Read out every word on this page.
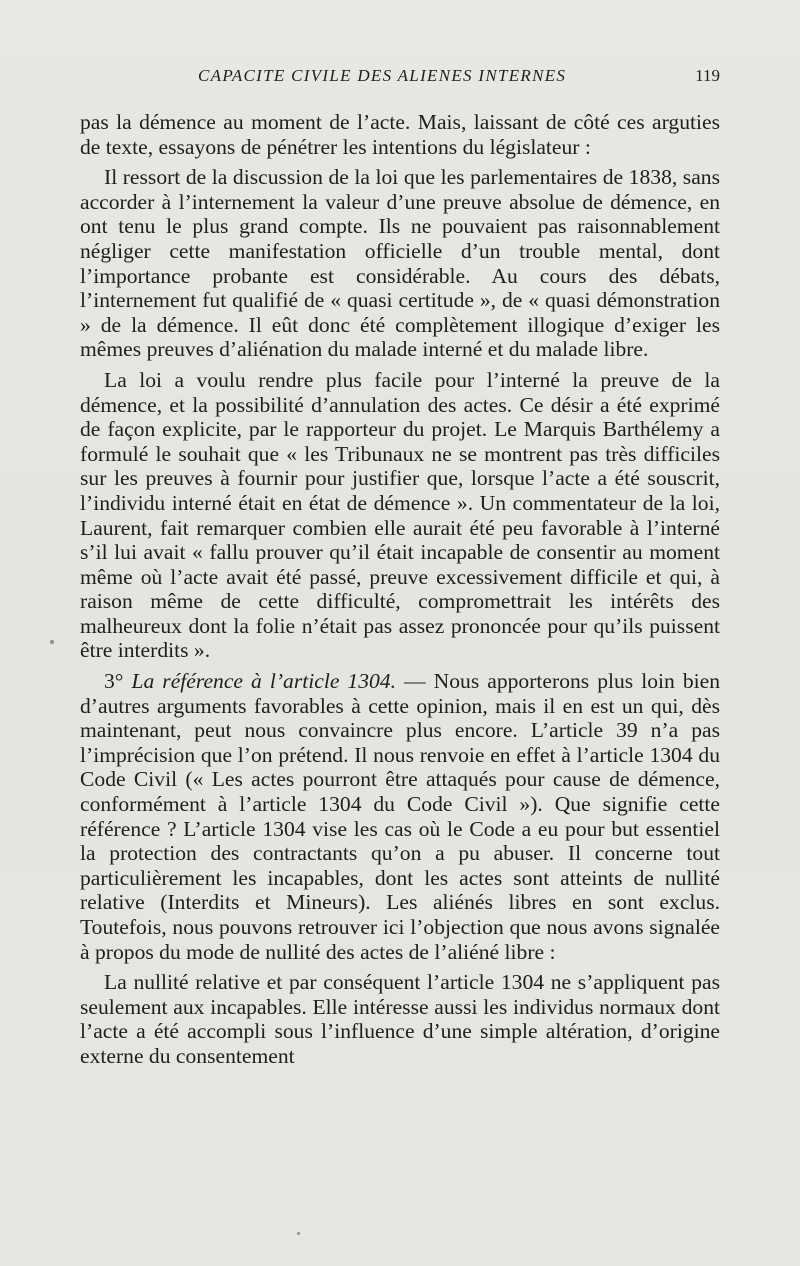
CAPACITE CIVILE DES ALIENES INTERNES	119

pas la démence au moment de l’acte. Mais, laissant de côté ces arguties de texte, essayons de pénétrer les intentions du législateur :

Il ressort de la discussion de la loi que les parlementaires de 1838, sans accorder à l’internement la valeur d’une preuve absolue de démence, en ont tenu le plus grand compte. Ils ne pouvaient pas raisonnablement négliger cette manifestation officielle d’un trouble mental, dont l’importance probante est considérable. Au cours des débats, l’internement fut qualifié de « quasi certitude », de « quasi démonstration » de la démence. Il eût donc été complètement illogique d’exiger les mêmes preuves d’aliénation du malade interné et du malade libre.

La loi a voulu rendre plus facile pour l’interné la preuve de la démence, et la possibilité d’annulation des actes. Ce désir a été exprimé de façon explicite, par le rapporteur du projet. Le Marquis Barthélemy a formulé le souhait que « les Tribunaux ne se montrent pas très difficiles sur les preuves à fournir pour justifier que, lorsque l’acte a été souscrit, l’individu interné était en état de démence ». Un commentateur de la loi, Laurent, fait remarquer combien elle aurait été peu favorable à l’interné s’il lui avait « fallu prouver qu’il était incapable de consentir au moment même où l’acte avait été passé, preuve excessivement difficile et qui, à raison même de cette difficulté, compromettrait les intérêts des malheureux dont la folie n’était pas assez prononcée pour qu’ils puissent être interdits ».

3° La référence à l’article 1304. — Nous apporterons plus loin bien d’autres arguments favorables à cette opinion, mais il en est un qui, dès maintenant, peut nous convaincre plus encore. L’article 39 n’a pas l’imprécision que l’on prétend. Il nous renvoie en effet à l’article 1304 du Code Civil (« Les actes pourront être attaqués pour cause de démence, conformément à l’article 1304 du Code Civil »). Que signifie cette référence ? L’article 1304 vise les cas où le Code a eu pour but essentiel la protection des contractants qu’on a pu abuser. Il concerne tout particulièrement les incapables, dont les actes sont atteints de nullité relative (Interdits et Mineurs). Les aliénés libres en sont exclus. Toutefois, nous pouvons retrouver ici l’objection que nous avons signalée à propos du mode de nullité des actes de l’aliéné libre :

La nullité relative et par conséquent l’article 1304 ne s’appliquent pas seulement aux incapables. Elle intéresse aussi les individus normaux dont l’acte a été accompli sous l’influence d’une simple altération, d’origine externe du consentement
